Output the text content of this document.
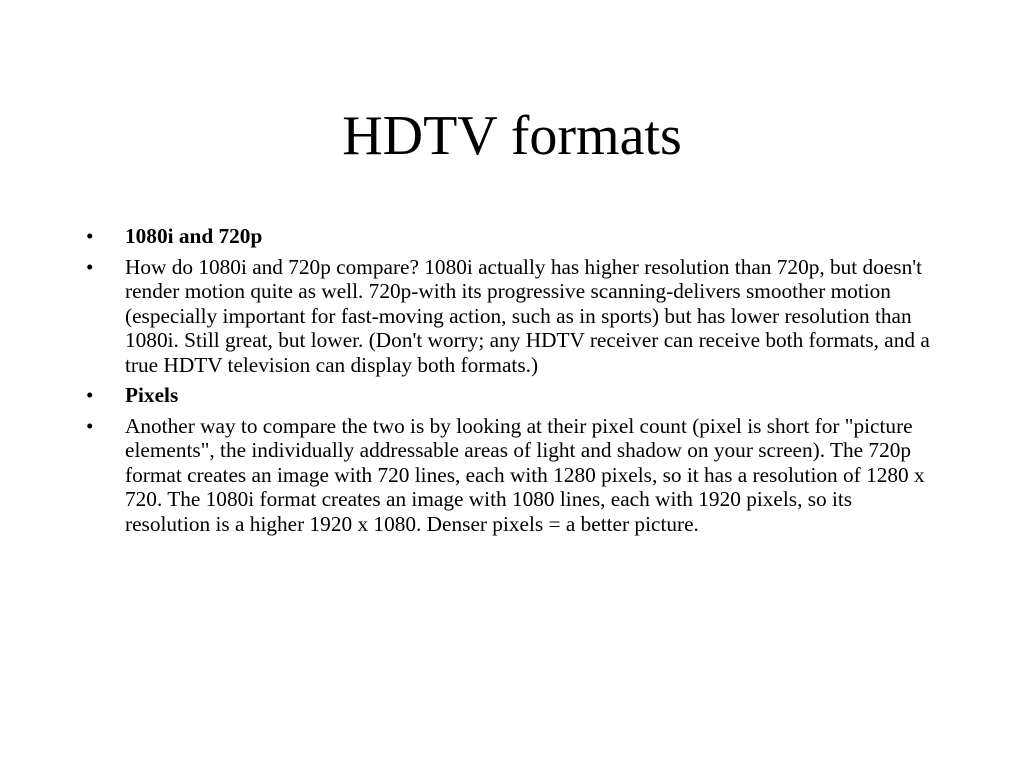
HDTV formats
• 1080i and 720p
• How do 1080i and 720p compare? 1080i actually has higher resolution than 720p, but doesn't render motion quite as well. 720p-with its progressive scanning-delivers smoother motion (especially important for fast-moving action, such as in sports) but has lower resolution than 1080i. Still great, but lower. (Don't worry; any HDTV receiver can receive both formats, and a true HDTV television can display both formats.)
• Pixels
• Another way to compare the two is by looking at their pixel count (pixel is short for "picture elements", the individually addressable areas of light and shadow on your screen). The 720p format creates an image with 720 lines, each with 1280 pixels, so it has a resolution of 1280 x 720. The 1080i format creates an image with 1080 lines, each with 1920 pixels, so its resolution is a higher 1920 x 1080. Denser pixels = a better picture.
